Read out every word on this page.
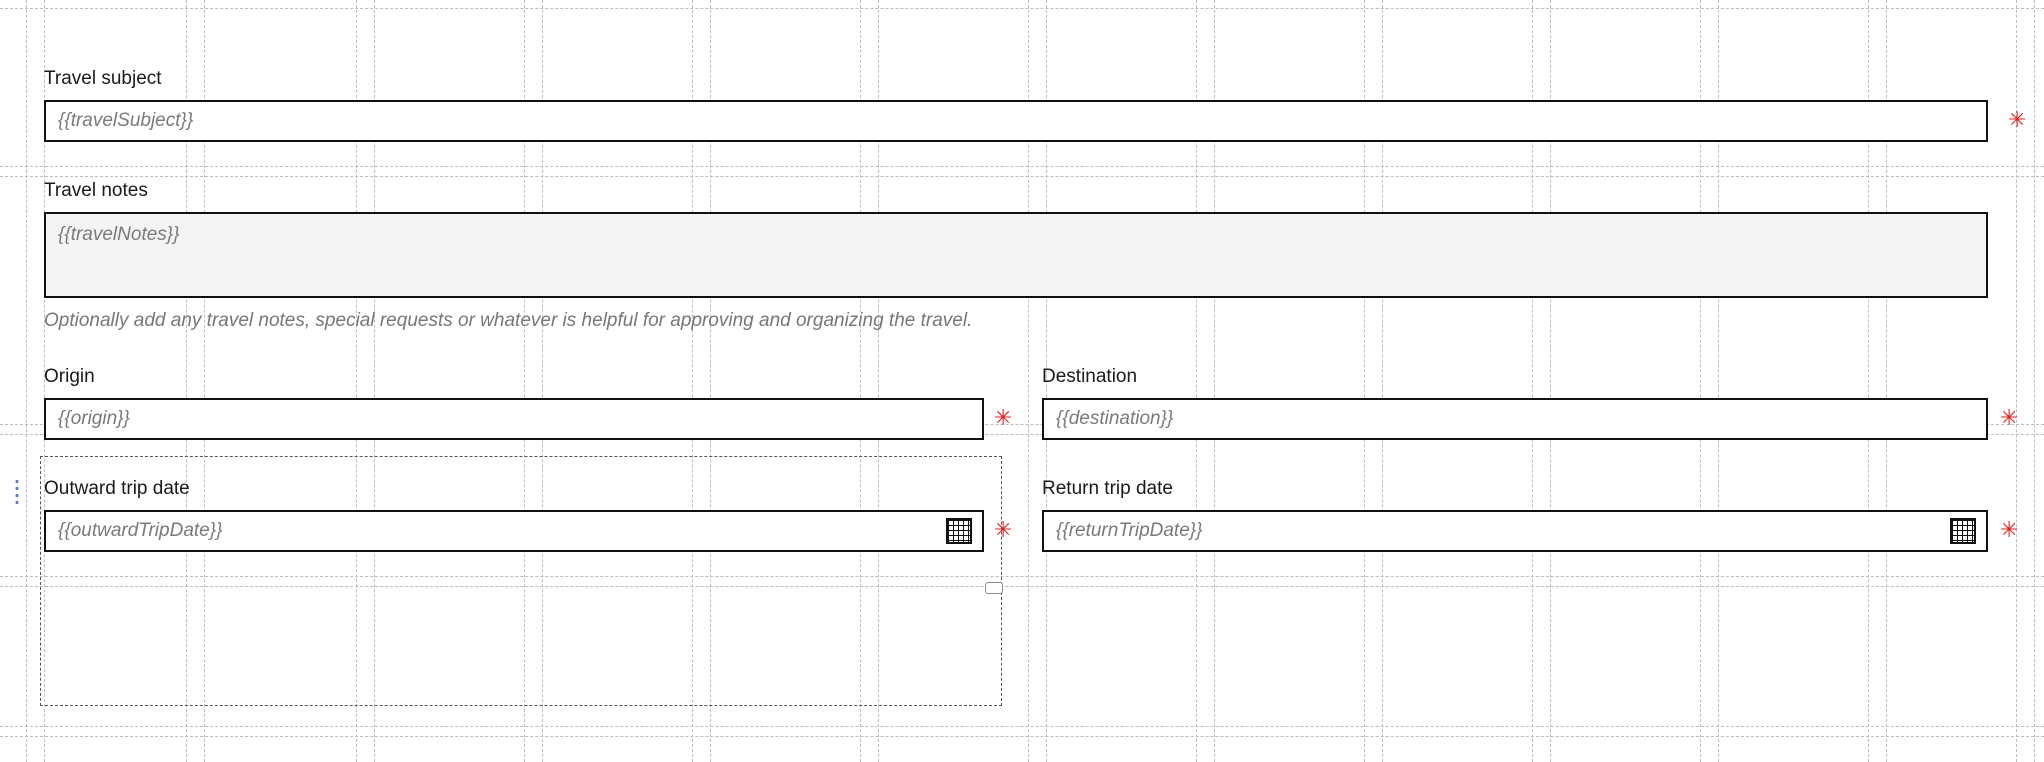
Travel subject
{{travelSubject}}	✳
Travel notes
{{travelNotes}}
Optionally add any travel notes, special requests or whatever is helpful for approving and organizing the travel.
Origin
{{origin}}	✳
Destination
{{destination}}	✳
Outward trip date
{{outwardTripDate}}	✳
Return trip date
{{returnTripDate}}	✳
